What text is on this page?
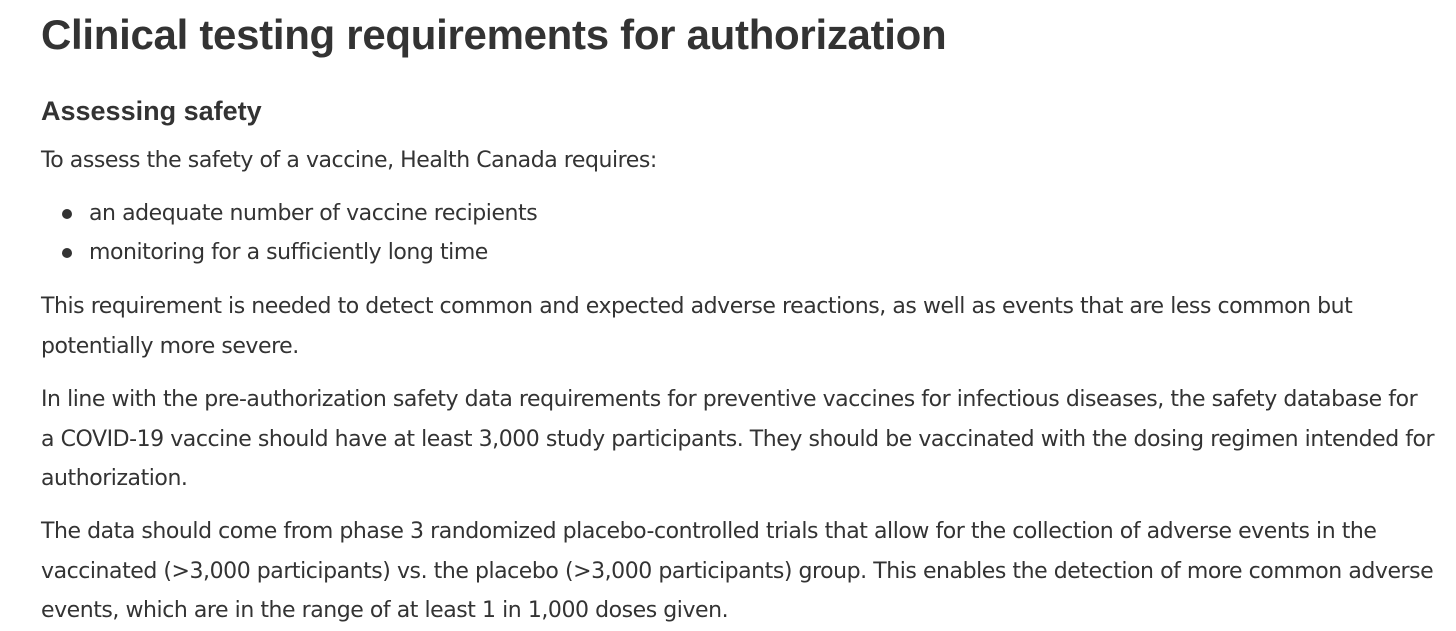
Clinical testing requirements for authorization
Assessing safety

To assess the safety of a vaccine, Health Canada requires:

an adequate number of vaccine recipients
monitoring for a sufficiently long time

This requirement is needed to detect common and expected adverse reactions, as well as events that are less common but potentially more severe.

In line with the pre-authorization safety data requirements for preventive vaccines for infectious diseases, the safety database for a COVID-19 vaccine should have at least 3,000 study participants. They should be vaccinated with the dosing regimen intended for authorization.

The data should come from phase 3 randomized placebo-controlled trials that allow for the collection of adverse events in the vaccinated (>3,000 participants) vs. the placebo (>3,000 participants) group. This enables the detection of more common adverse events, which are in the range of at least 1 in 1,000 doses given.
